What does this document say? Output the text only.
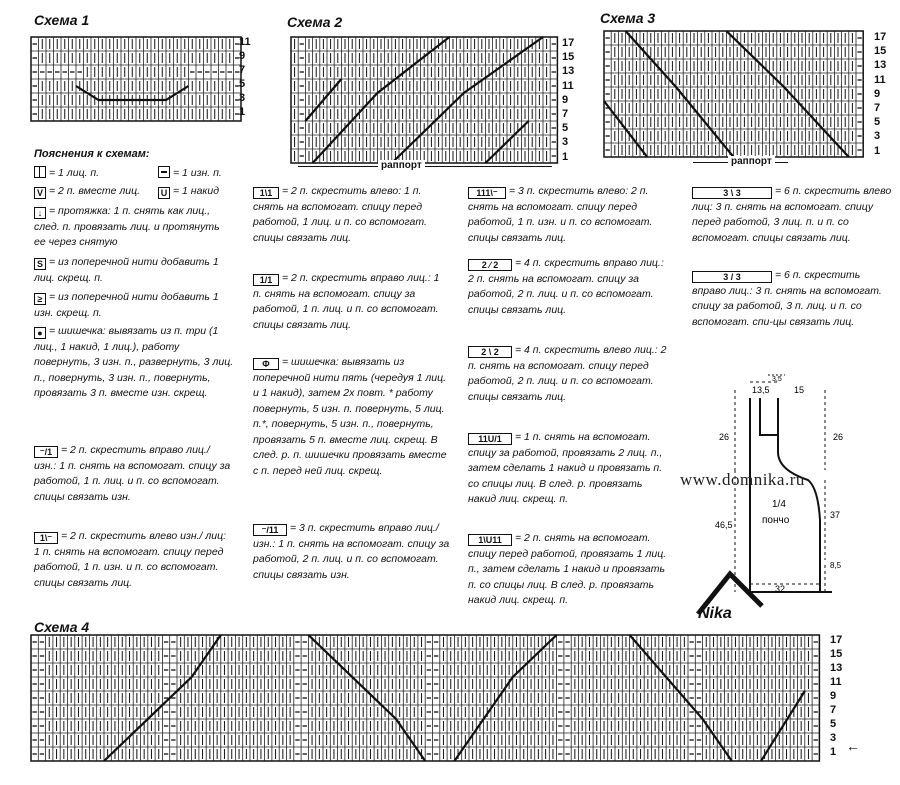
Схема 1	Схема 2	Схема 3
Схема 4
11
9
7
5
3
1
17
15
13
11
9
7
5
3
1
раппорт
17
15
13
11
9
7
5
3
1
раппорт
Пояснения к схемам:
= 1 лиц. п.	= 1 изн. п.
V = 2 п. вместе лиц.	U = 1 накид
↓ = протяжка: 1 п. снять как лиц., след. п. провязать лиц. и протянуть ее через снятую
S = из поперечной нити добавить 1 лиц. скрещ. п.
≥ = из поперечной нити добавить 1 изн. скрещ. п.
● = шишечка: вывязать из п. три (1 лиц., 1 накид, 1 лиц.), работу повернуть, 3 изн. п., развернуть, 3 лиц. п., повернуть, 3 изн. п., повернуть, провязать 3 п. вместе изн. скрещ.
⁻/1 = 2 п. скрестить вправо лиц./ изн.: 1 п. снять на вспомогат. спицу за работой, 1 п. лиц. и п. со вспомогат. спицы связать изн.
1\⁻ = 2 п. скрестить влево изн./ лиц: 1 п. снять на вспомогат. спицу перед работой, 1 п. изн. и п. со вспомогат. спицы связать лиц.
1\1 = 2 п. скрестить влево: 1 п. снять на вспомогат. спицу перед работой, 1 лиц. и п. со вспомогат. спицы связать лиц.
1/1 = 2 п. скрестить вправо лиц.: 1 п. снять на вспомогат. спицу за работой, 1 п. лиц. и п. со вспомогат. спицы связать лиц.
Φ = шишечка: вывязать из поперечной нити пять (чередуя 1 лиц. и 1 накид), затем 2х повт. * работу повернуть, 5 изн. п. повернуть, 5 лиц. п.*, повернуть, 5 изн. п., повернуть, провязать 5 п. вместе лиц. скрещ. В след. р. п. шишечки провязать вместе с п. перед ней лиц. скрещ.
⁻/11 = 3 п. скрестить вправо лиц./изн.: 1 п. снять на вспомогат. спицу за работой, 2 п. лиц. и п. со вспомогат. спицы связать изн.
111\⁻ = 3 п. скрестить влево: 2 п. снять на вспомогат. спицу перед работой, 1 п. изн. и п. со вспомогат. спицы связать лиц.
2 ⁄ 2 = 4 п. скрестить вправо лиц.: 2 п. снять на вспомогат. спицу за работой, 2 п. лиц. и п. со вспомогат. спицы связать лиц.
2 \ 2 = 4 п. скрестить влево лиц.: 2 п. снять на вспомогат. спицу перед работой, 2 п. лиц. и п. со вспомогат. спицы связать лиц.
11U/1 = 1 п. снять на вспомогат. спицу за работой, провязать 2 лиц. п., затем сделать 1 накид и провязать п. со спицы лиц. В след. р. провязать накид лиц. скрещ. п.
1\U11 = 2 п. снять на вспомогат. спицу перед работой, провязать 1 лиц. п., затем сделать 1 накид и провязать п. со спицы лиц. В след. р. провязать накид лиц. скрещ. п.
3 \ 3	= 6 п. скрестить влево лиц: 3 п. снять на вспомогат. спицу перед работой, 3 лиц. п. и п. со вспомогат. спицы связать лиц.
3 / 3	= 6 п. скрестить вправо лиц.: 3 п. снять на вспомогат. спицу за работой, 3 п. лиц. и п. со вспомогат. спи-цы связать лиц.
13,5
3,5
15
26	26
46,5
37
8,5
32
1/4
пончо
www.domnika.ru
Nika
17
15
13
11
9
7
5
3
1 ←
